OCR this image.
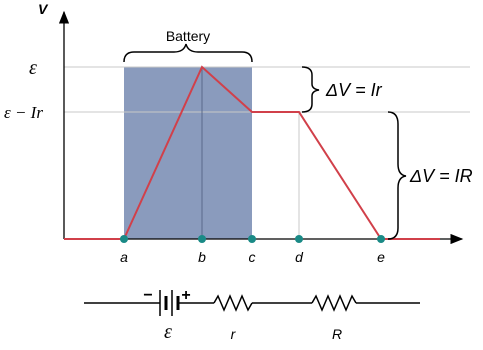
a	b	c	d	e
V
ε
ε − Ir
Battery
ΔV = Ir
ΔV = IR
− +
ε	r	R
